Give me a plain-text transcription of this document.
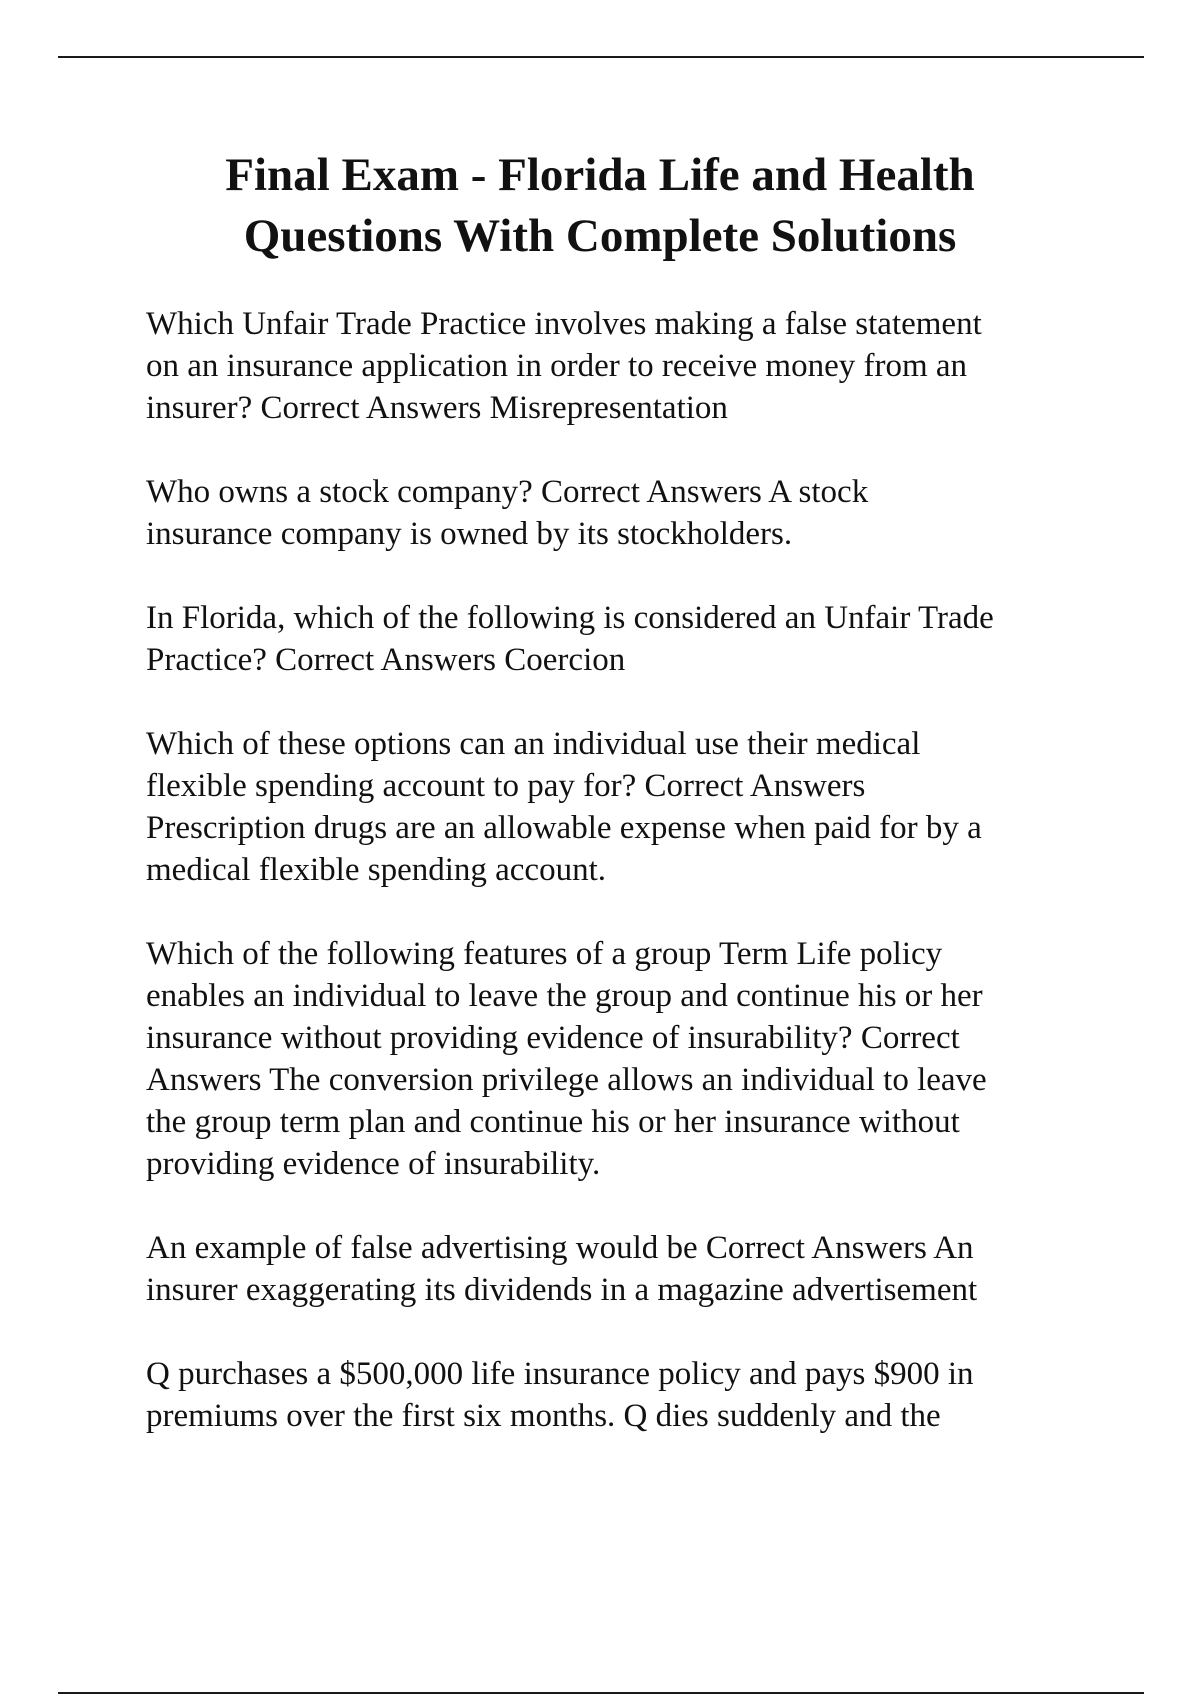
Final Exam - Florida Life and Health
Questions With Complete Solutions

Which Unfair Trade Practice involves making a false statement
on an insurance application in order to receive money from an
insurer? Correct Answers Misrepresentation

Who owns a stock company? Correct Answers A stock
insurance company is owned by its stockholders.

In Florida, which of the following is considered an Unfair Trade
Practice? Correct Answers Coercion

Which of these options can an individual use their medical
flexible spending account to pay for? Correct Answers
Prescription drugs are an allowable expense when paid for by a
medical flexible spending account.

Which of the following features of a group Term Life policy
enables an individual to leave the group and continue his or her
insurance without providing evidence of insurability? Correct
Answers The conversion privilege allows an individual to leave
the group term plan and continue his or her insurance without
providing evidence of insurability.

An example of false advertising would be Correct Answers An
insurer exaggerating its dividends in a magazine advertisement

Q purchases a $500,000 life insurance policy and pays $900 in
premiums over the first six months. Q dies suddenly and the
